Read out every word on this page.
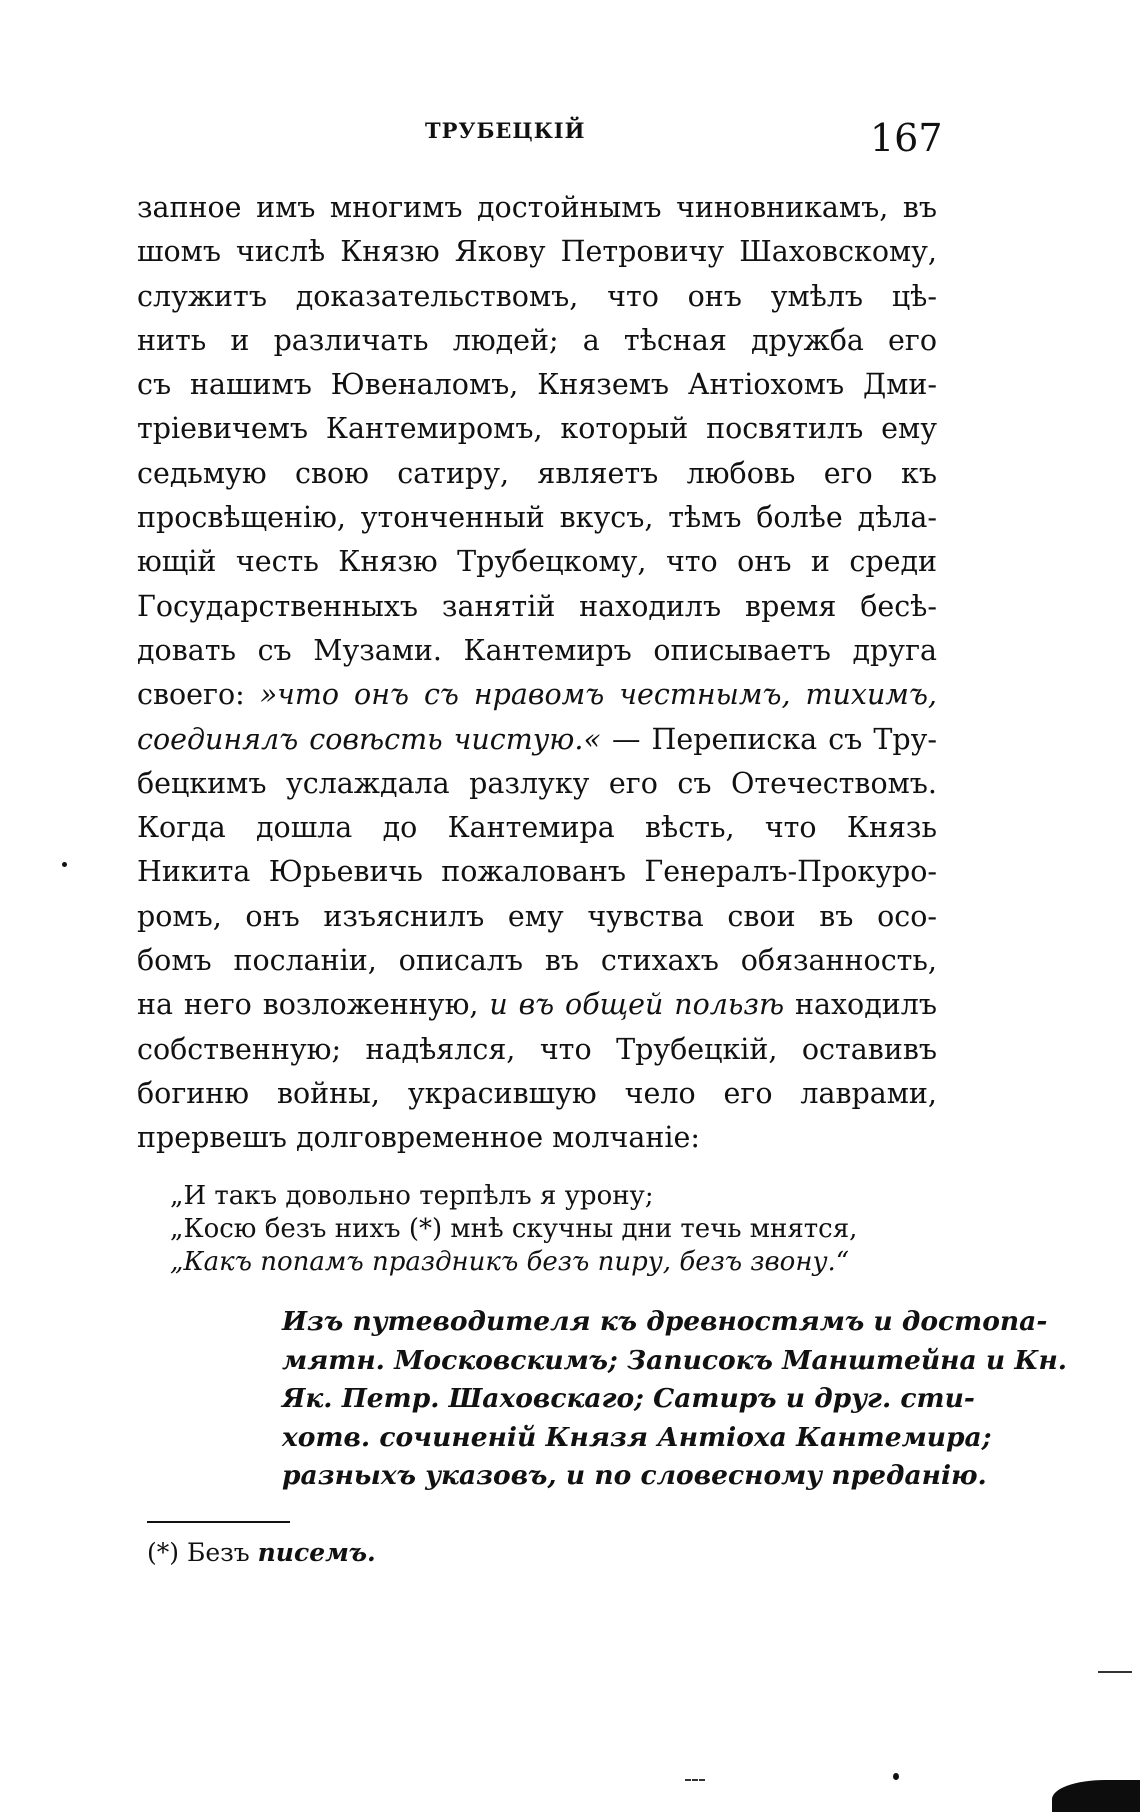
ТРУБЕЦКІЙ	167
запное имъ многимъ достойнымъ чиновникамъ, въ
шомъ числѣ Князю Якову Петровичу Шаховскому,
служитъ доказательствомъ, что онъ умѣлъ цѣ-
нить и различать людей; а тѣсная дружба его
съ нашимъ Ювеналомъ, Княземъ Антіохомъ Дми-
тріевичемъ Кантемиромъ, который посвятилъ ему
седьмую свою сатиру, являетъ любовь его къ
просвѣщенію, утонченный вкусъ, тѣмъ болѣе дѣла-
ющій честь Князю Трубецкому, что онъ и среди
Государственныхъ занятій находилъ время бесѣ-
довать съ Музами. Кантемиръ описываетъ друга
своего: »что онъ съ нравомъ честнымъ, тихимъ,
соединялъ совѣсть чистую.« — Переписка съ Тру-
бецкимъ услаждала разлуку его съ Отечествомъ.
Когда дошла до Кантемира вѣсть, что Князь
Никита Юрьевичь пожалованъ Генералъ-Прокуро-
ромъ, онъ изъяснилъ ему чувства свои въ осо-
бомъ посланіи, описалъ въ стихахъ обязанность,
на него возложенную, и въ общей пользѣ находилъ
собственную; надѣялся, что Трубецкій, оставивъ
богиню войны, украсившую чело его лаврами,
прервешъ долговременное молчаніе:
„И такъ довольно терпѣлъ я урону;
„Косю безъ нихъ (*) мнѣ скучны дни течь мнятся,
„Какъ попамъ праздникъ безъ пиру, безъ звону.“
Изъ путеводителя къ древностямъ и достопа-
мятн. Московскимъ; Записокъ Манштейна и Кн.
Як. Петр. Шаховскаго; Сатиръ и друг. сти-
хотв. сочиненій Князя Антіоха Кантемира;
разныхъ указовъ, и по словесному преданію.
(*) Безъ писемъ.
